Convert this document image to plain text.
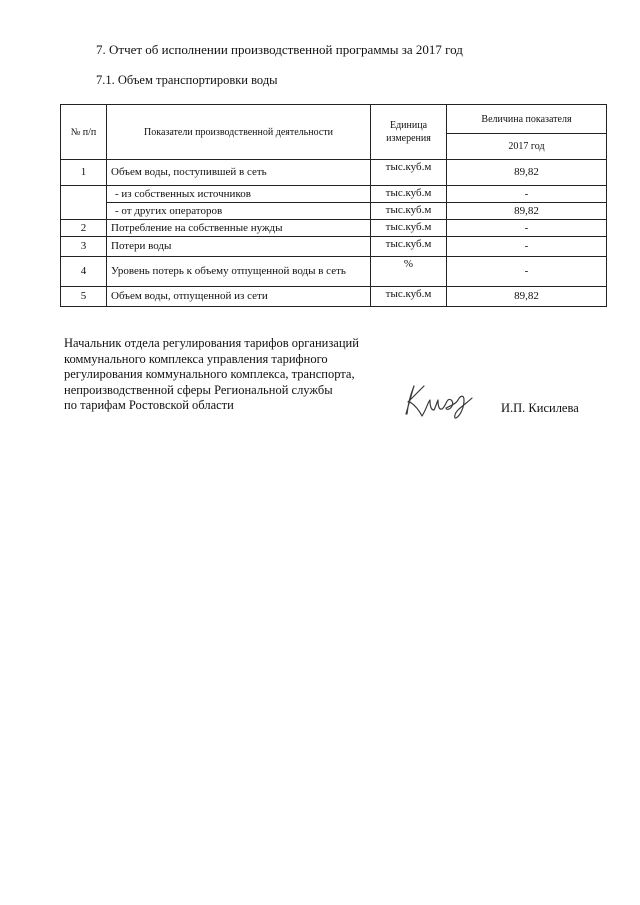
7. Отчет об исполнении производственной программы за 2017 год
7.1. Объем транспортировки воды
№ п/п	Показатели производственной деятельности	Единица измерения	Величина показателя
			2017 год
1	Объем воды, поступившей в сеть	тыс.куб.м	89,82
	- из собственных источников	тыс.куб.м	-
	- от других операторов	тыс.куб.м	89,82
2	Потребление на собственные нужды	тыс.куб.м	-
3	Потери воды	тыс.куб.м	-
4	Уровень потерь к объему отпущенной воды в сеть	%	-
5	Объем воды, отпущенной из сети	тыс.куб.м	89,82
Начальник отдела регулирования тарифов организаций
коммунального комплекса управления тарифного
регулирования коммунального комплекса, транспорта,
непроизводственной сферы Региональной службы
по тарифам Ростовской области	И.П. Кисилева
